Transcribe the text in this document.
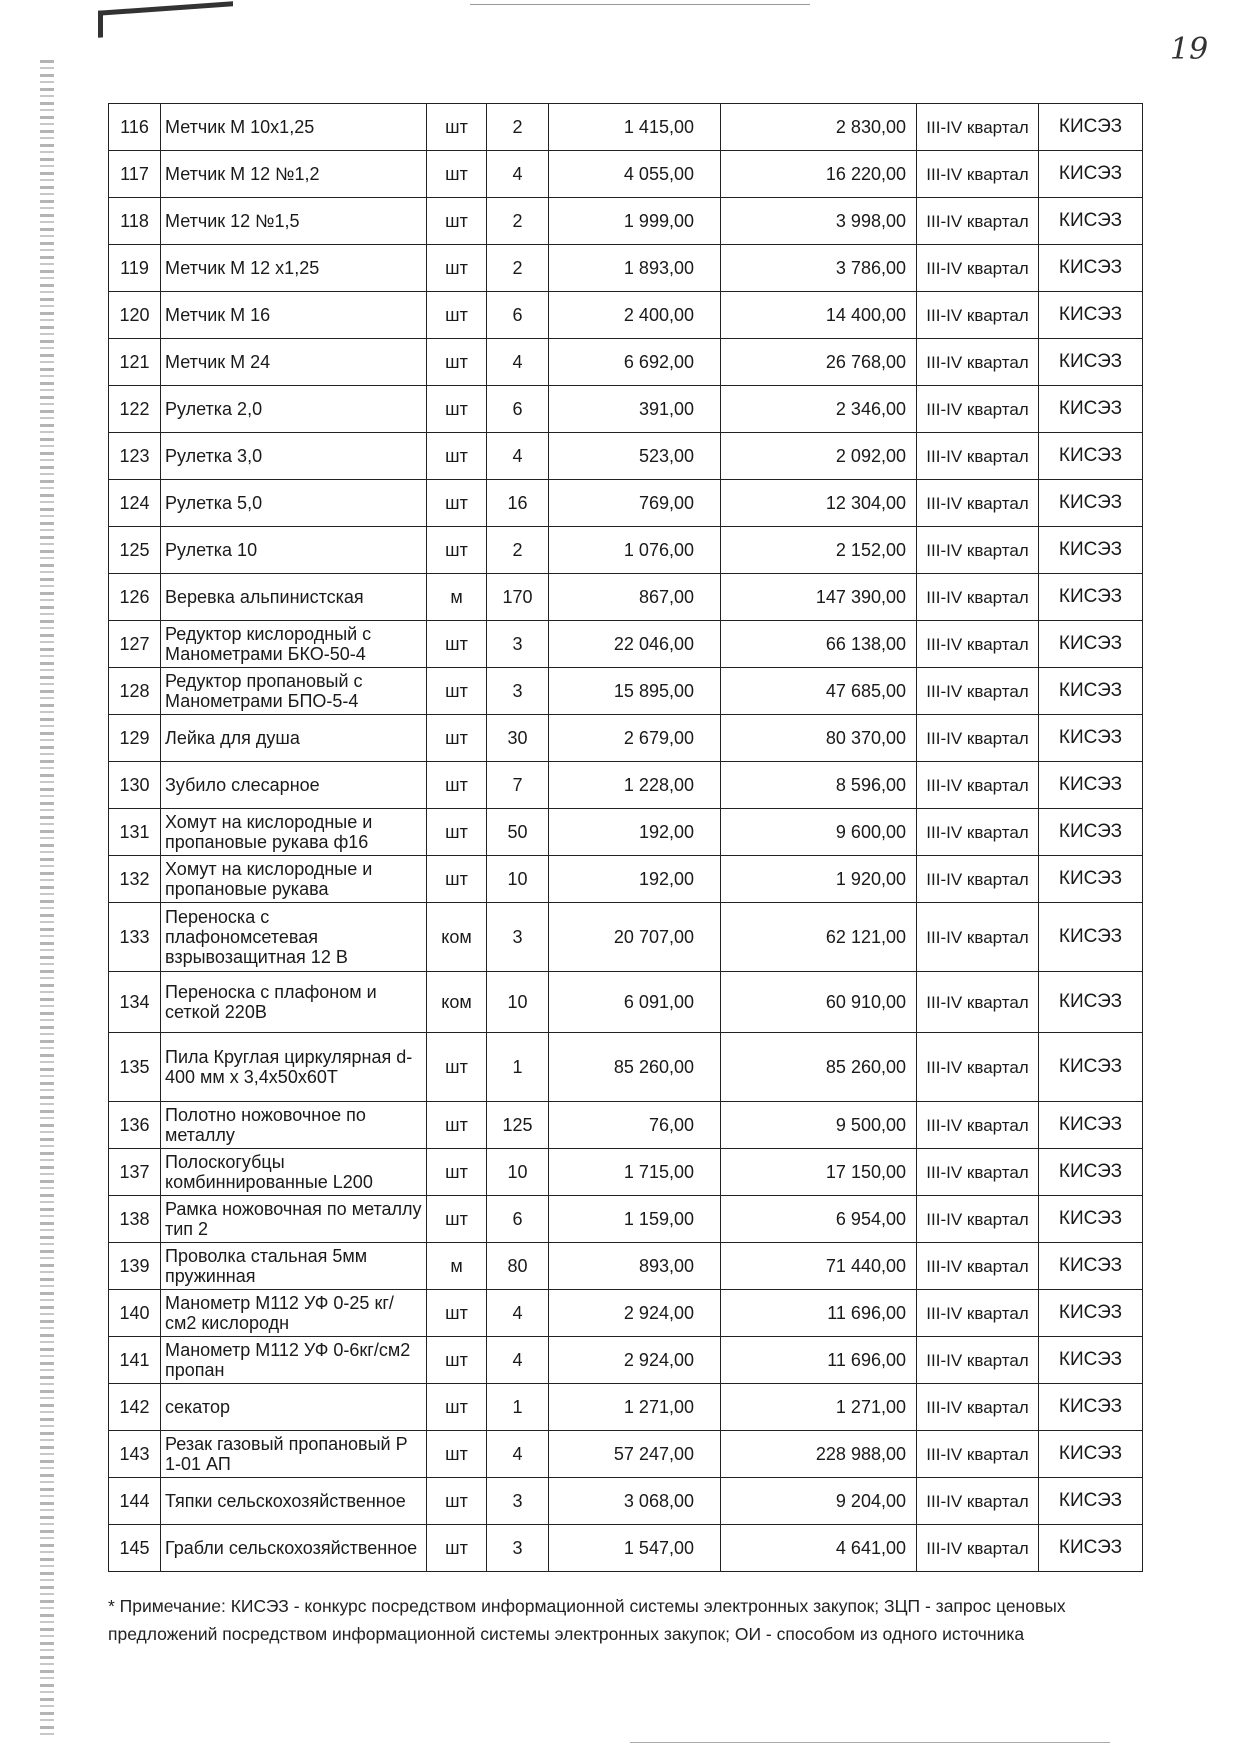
19
116	Метчик М 10х1,25	шт	2	1 415,00	2 830,00	III-IV квартал	КИСЭЗ
117	Метчик М 12 №1,2	шт	4	4 055,00	16 220,00	III-IV квартал	КИСЭЗ
118	Метчик 12 №1,5	шт	2	1 999,00	3 998,00	III-IV квартал	КИСЭЗ
119	Метчик М 12 х1,25	шт	2	1 893,00	3 786,00	III-IV квартал	КИСЭЗ
120	Метчик М 16	шт	6	2 400,00	14 400,00	III-IV квартал	КИСЭЗ
121	Метчик М 24	шт	4	6 692,00	26 768,00	III-IV квартал	КИСЭЗ
122	Рулетка 2,0	шт	6	391,00	2 346,00	III-IV квартал	КИСЭЗ
123	Рулетка 3,0	шт	4	523,00	2 092,00	III-IV квартал	КИСЭЗ
124	Рулетка 5,0	шт	16	769,00	12 304,00	III-IV квартал	КИСЭЗ
125	Рулетка 10	шт	2	1 076,00	2 152,00	III-IV квартал	КИСЭЗ
126	Веревка альпинистская	м	170	867,00	147 390,00	III-IV квартал	КИСЭЗ
127	Редуктор кислородный с Манометрами БКО-50-4	шт	3	22 046,00	66 138,00	III-IV квартал	КИСЭЗ
128	Редуктор пропановый с Манометрами БПО-5-4	шт	3	15 895,00	47 685,00	III-IV квартал	КИСЭЗ
129	Лейка для душа	шт	30	2 679,00	80 370,00	III-IV квартал	КИСЭЗ
130	Зубило слесарное	шт	7	1 228,00	8 596,00	III-IV квартал	КИСЭЗ
131	Хомут на кислородные и пропановые рукава ф16	шт	50	192,00	9 600,00	III-IV квартал	КИСЭЗ
132	Хомут на кислородные и пропановые рукава	шт	10	192,00	1 920,00	III-IV квартал	КИСЭЗ
133	Переноска с плафономсетевая взрывозащитная 12 В	ком	3	20 707,00	62 121,00	III-IV квартал	КИСЭЗ
134	Переноска с плафоном и сеткой 220В	ком	10	6 091,00	60 910,00	III-IV квартал	КИСЭЗ
135	Пила Круглая циркулярная d-400 мм х 3,4х50х60Т	шт	1	85 260,00	85 260,00	III-IV квартал	КИСЭЗ
136	Полотно ножовочное по металлу	шт	125	76,00	9 500,00	III-IV квартал	КИСЭЗ
137	Полоскогубцы комбиннированные L200	шт	10	1 715,00	17 150,00	III-IV квартал	КИСЭЗ
138	Рамка ножовочная по металлу тип 2	шт	6	1 159,00	6 954,00	III-IV квартал	КИСЭЗ
139	Проволка стальная 5мм пружинная	м	80	893,00	71 440,00	III-IV квартал	КИСЭЗ
140	Манометр М112 УФ 0-25 кг/см2 кислородн	шт	4	2 924,00	11 696,00	III-IV квартал	КИСЭЗ
141	Манометр М112 УФ 0-6кг/см2 пропан	шт	4	2 924,00	11 696,00	III-IV квартал	КИСЭЗ
142	секатор	шт	1	1 271,00	1 271,00	III-IV квартал	КИСЭЗ
143	Резак газовый пропановый Р 1-01 АП	шт	4	57 247,00	228 988,00	III-IV квартал	КИСЭЗ
144	Тяпки сельскохозяйственное	шт	3	3 068,00	9 204,00	III-IV квартал	КИСЭЗ
145	Грабли сельскохозяйственное	шт	3	1 547,00	4 641,00	III-IV квартал	КИСЭЗ
* Примечание: КИСЭЗ - конкурс посредством информационной системы электронных закупок; ЗЦП - запрос ценовых предложений посредством информационной системы электронных закупок; ОИ - способом из одного источника
